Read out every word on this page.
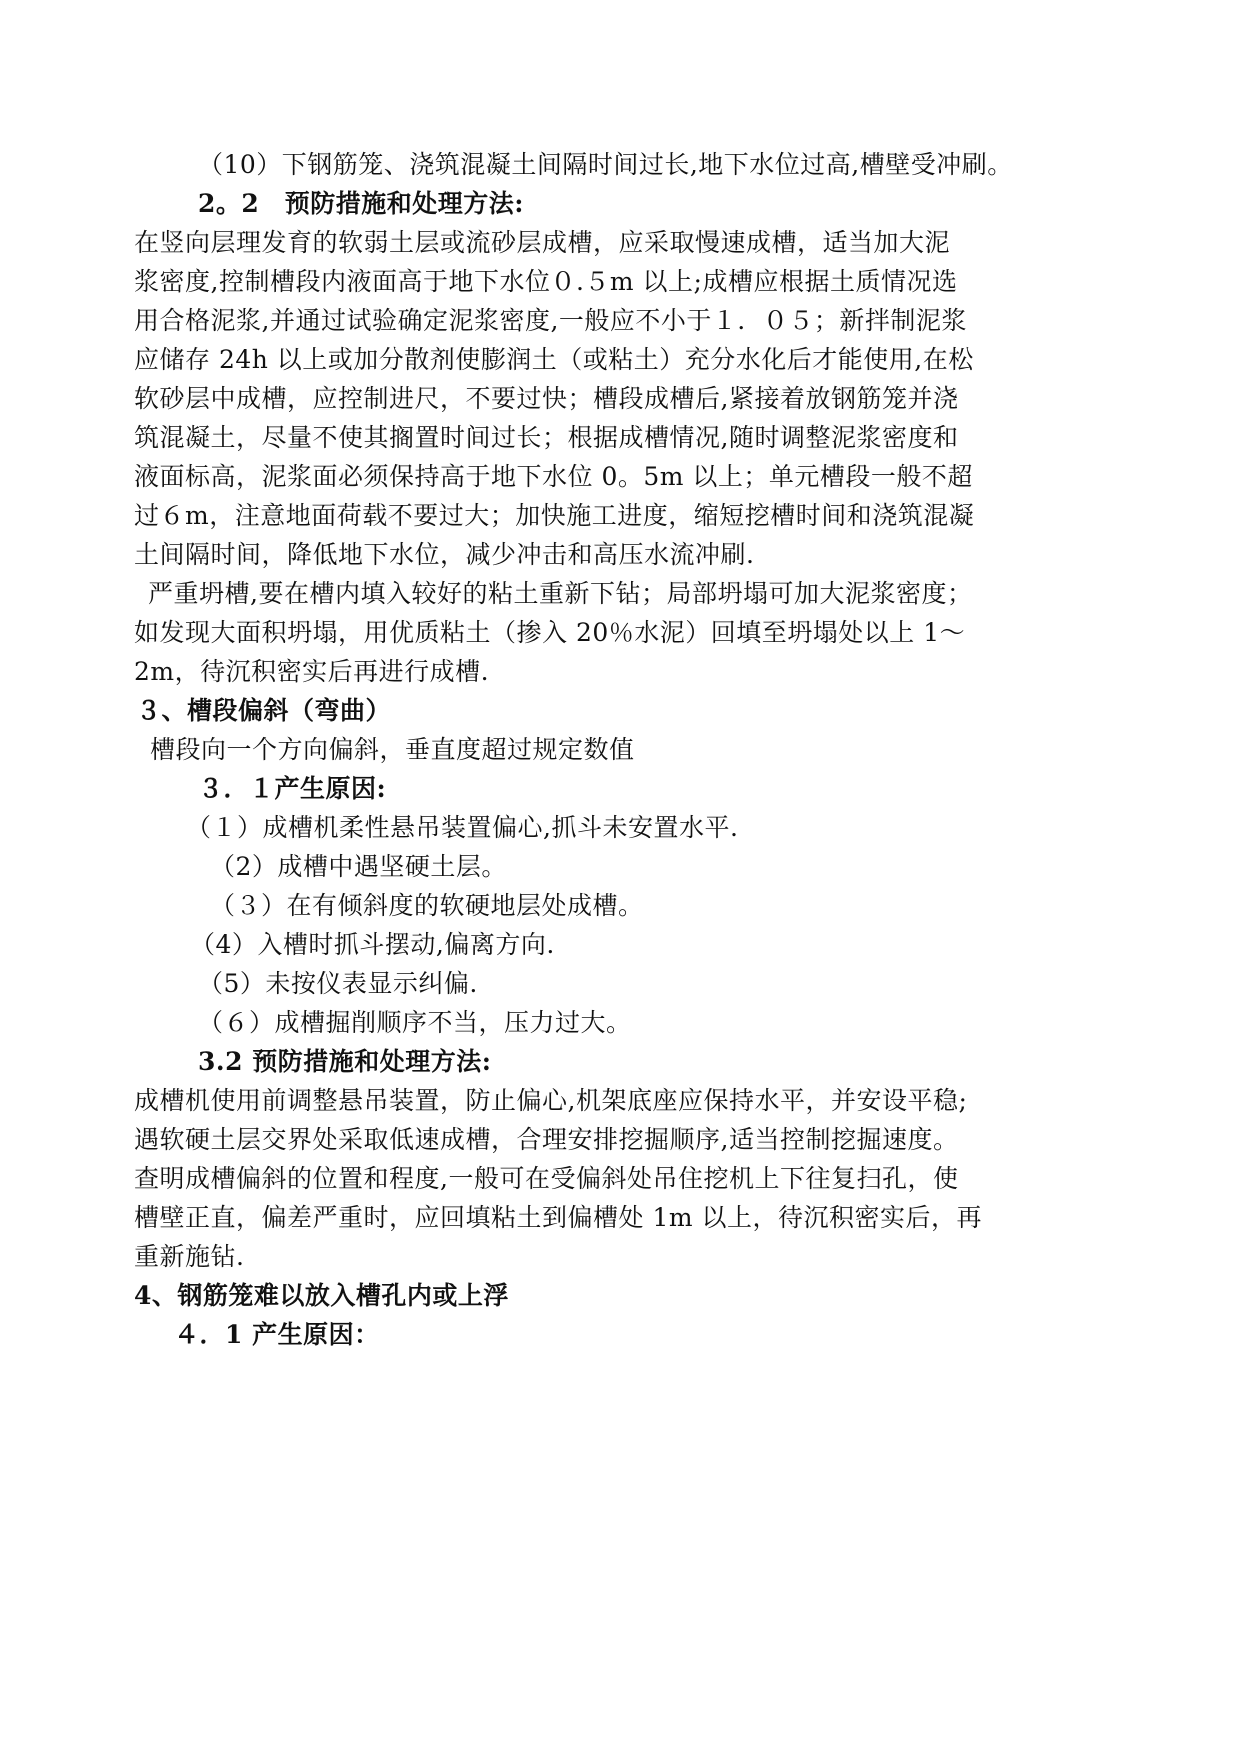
（10）下钢筋笼、浇筑混凝土间隔时间过长,地下水位过高,槽壁受冲刷。
2。2　预防措施和处理方法:
在竖向层理发育的软弱土层或流砂层成槽，应采取慢速成槽，适当加大泥
浆密度,控制槽段内液面高于地下水位０.５m 以上;成槽应根据土质情况选
用合格泥浆,并通过试验确定泥浆密度,一般应不小于１．０５；新拌制泥浆
应储存 24h 以上或加分散剂使膨润土（或粘土）充分水化后才能使用,在松
软砂层中成槽，应控制进尺，不要过快；槽段成槽后,紧接着放钢筋笼并浇
筑混凝土，尽量不使其搁置时间过长；根据成槽情况,随时调整泥浆密度和
液面标高，泥浆面必须保持高于地下水位 0。5m 以上；单元槽段一般不超
过６m，注意地面荷载不要过大；加快施工进度，缩短挖槽时间和浇筑混凝
土间隔时间，降低地下水位，减少冲击和高压水流冲刷.
严重坍槽,要在槽内填入较好的粘土重新下钻；局部坍塌可加大泥浆密度；
如发现大面积坍塌，用优质粘土（掺入 20％水泥）回填至坍塌处以上 1～
2m，待沉积密实后再进行成槽.
３、槽段偏斜（弯曲）
槽段向一个方向偏斜，垂直度超过规定数值
３．１产生原因:
（１）成槽机柔性悬吊装置偏心,抓斗未安置水平.
（2）成槽中遇坚硬土层。
（３）在有倾斜度的软硬地层处成槽。
（4）入槽时抓斗摆动,偏离方向.
（5）未按仪表显示纠偏.
（６）成槽掘削顺序不当，压力过大。
3.2 预防措施和处理方法:
成槽机使用前调整悬吊装置，防止偏心,机架底座应保持水平，并安设平稳;
遇软硬土层交界处采取低速成槽，合理安排挖掘顺序,适当控制挖掘速度。
查明成槽偏斜的位置和程度,一般可在受偏斜处吊住挖机上下往复扫孔，使
槽壁正直，偏差严重时，应回填粘土到偏槽处 1m 以上，待沉积密实后，再
重新施钻.
4、钢筋笼难以放入槽孔内或上浮
４．1 产生原因：
